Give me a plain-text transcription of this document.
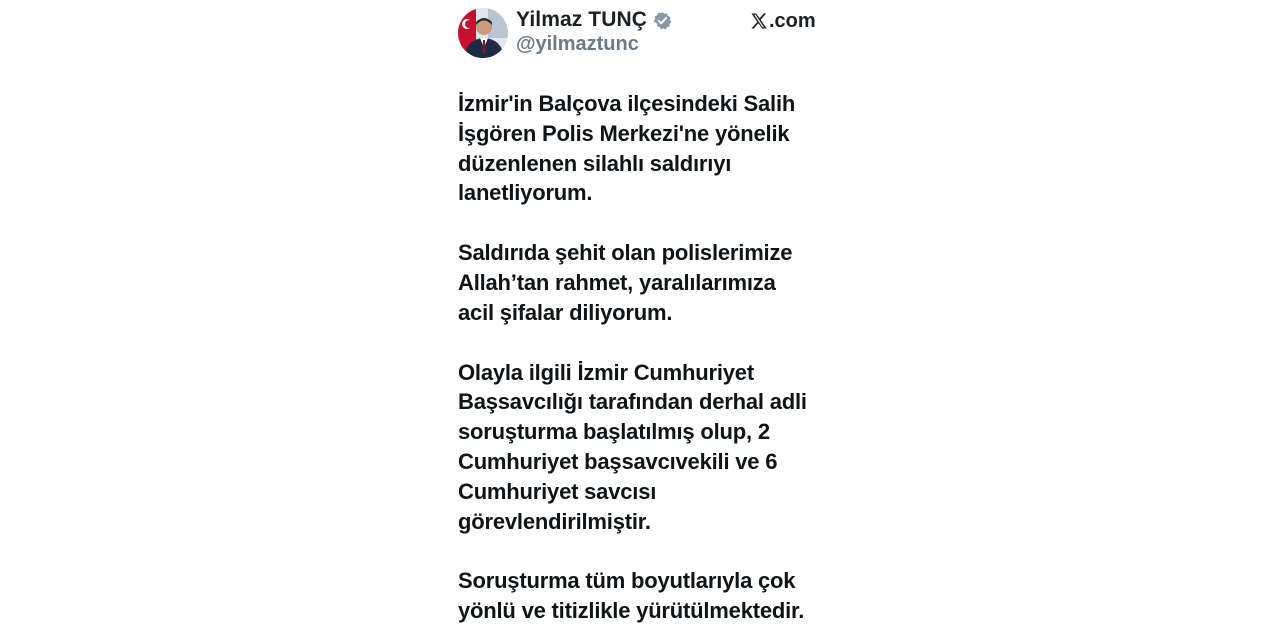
Yilmaz TUNÇ
@yilmaztunc
.com

İzmir'in Balçova ilçesindeki Salih
İşgören Polis Merkezi'ne yönelik
düzenlenen silahlı saldırıyı
lanetliyorum.

Saldırıda şehit olan polislerimize
Allah’tan rahmet, yaralılarımıza
acil şifalar diliyorum.

Olayla ilgili İzmir Cumhuriyet
Başsavcılığı tarafından derhal adli
soruşturma başlatılmış olup, 2
Cumhuriyet başsavcıvekili ve 6
Cumhuriyet savcısı
görevlendirilmiştir.

Soruşturma tüm boyutlarıyla çok
yönlü ve titizlikle yürütülmektedir.
